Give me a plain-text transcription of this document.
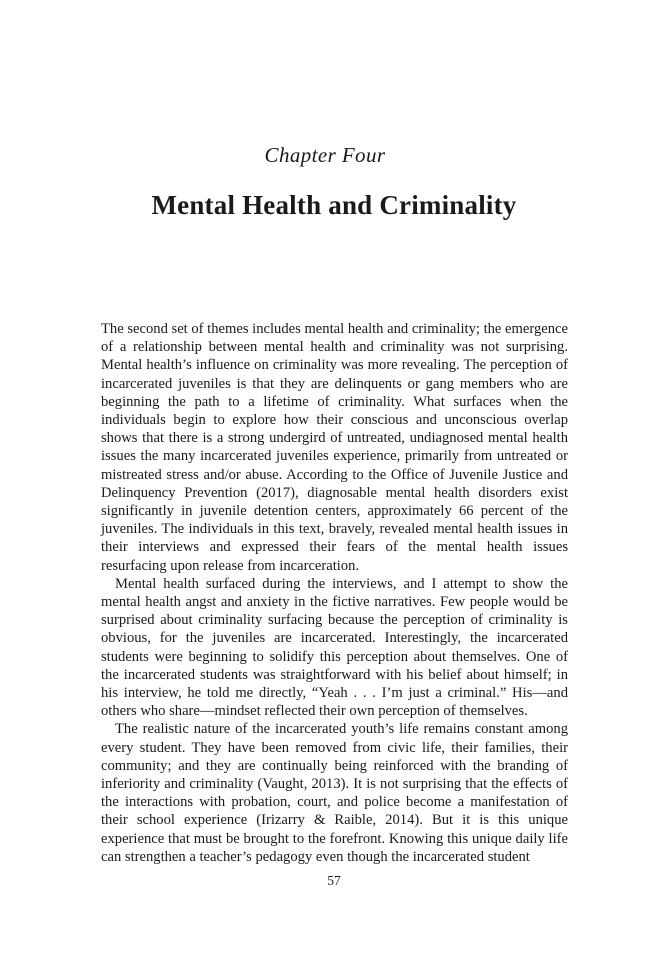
Chapter Four
Mental Health and Criminality

The second set of themes includes mental health and criminality; the emergence of a relationship between mental health and criminality was not surprising. Mental health’s influence on criminality was more revealing. The perception of incarcerated juveniles is that they are delinquents or gang members who are beginning the path to a lifetime of criminality. What surfaces when the individuals begin to explore how their conscious and unconscious overlap shows that there is a strong undergird of untreated, undiagnosed mental health issues the many incarcerated juveniles experience, primarily from untreated or mistreated stress and/or abuse. According to the Office of Juvenile Justice and Delinquency Prevention (2017), diagnosable mental health disorders exist significantly in juvenile detention centers, approximately 66 percent of the juveniles. The individuals in this text, bravely, revealed mental health issues in their interviews and expressed their fears of the mental health issues resurfacing upon release from incarceration.

Mental health surfaced during the interviews, and I attempt to show the mental health angst and anxiety in the fictive narratives. Few people would be surprised about criminality surfacing because the perception of criminality is obvious, for the juveniles are incarcerated. Interestingly, the incarcerated students were beginning to solidify this perception about themselves. One of the incarcerated students was straightforward with his belief about himself; in his interview, he told me directly, “Yeah . . . I’m just a criminal.” His—and others who share—mindset reflected their own perception of themselves.

The realistic nature of the incarcerated youth’s life remains constant among every student. They have been removed from civic life, their families, their community; and they are continually being reinforced with the branding of inferiority and criminality (Vaught, 2013). It is not surprising that the effects of the interactions with probation, court, and police become a manifestation of their school experience (Irizarry & Raible, 2014). But it is this unique experience that must be brought to the forefront. Knowing this unique daily life can strengthen a teacher’s pedagogy even though the incarcerated student

57
